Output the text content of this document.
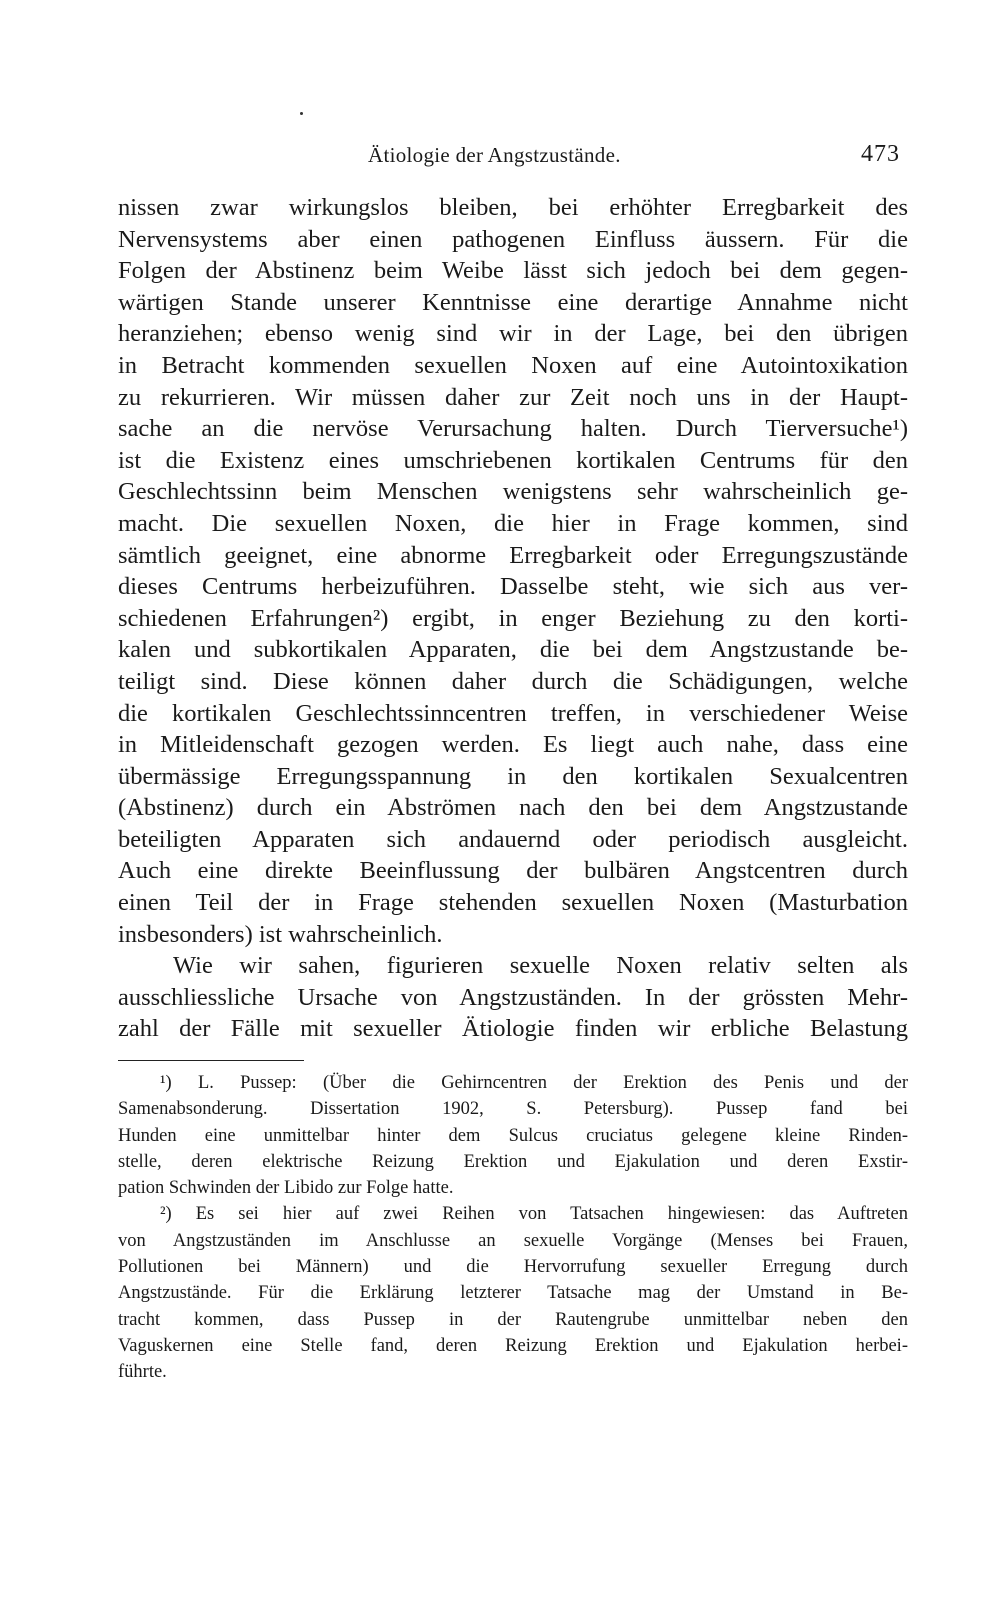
Ätiologie der Angstzustände.	473
nissen zwar wirkungslos bleiben, bei erhöhter Erregbarkeit des
Nervensystems aber einen pathogenen Einfluss äussern. Für die
Folgen der Abstinenz beim Weibe lässt sich jedoch bei dem gegen-
wärtigen Stande unserer Kenntnisse eine derartige Annahme nicht
heranziehen; ebenso wenig sind wir in der Lage, bei den übrigen
in Betracht kommenden sexuellen Noxen auf eine Autointoxikation
zu rekurrieren. Wir müssen daher zur Zeit noch uns in der Haupt-
sache an die nervöse Verursachung halten. Durch Tierversuche¹)
ist die Existenz eines umschriebenen kortikalen Centrums für den
Geschlechtssinn beim Menschen wenigstens sehr wahrscheinlich ge-
macht. Die sexuellen Noxen, die hier in Frage kommen, sind
sämtlich geeignet, eine abnorme Erregbarkeit oder Erregungszustände
dieses Centrums herbeizuführen. Dasselbe steht, wie sich aus ver-
schiedenen Erfahrungen²) ergibt, in enger Beziehung zu den korti-
kalen und subkortikalen Apparaten, die bei dem Angstzustande be-
teiligt sind. Diese können daher durch die Schädigungen, welche
die kortikalen Geschlechtssinncentren treffen, in verschiedener Weise
in Mitleidenschaft gezogen werden. Es liegt auch nahe, dass eine
übermässige Erregungsspannung in den kortikalen Sexualcentren
(Abstinenz) durch ein Abströmen nach den bei dem Angstzustande
beteiligten Apparaten sich andauernd oder periodisch ausgleicht.
Auch eine direkte Beeinflussung der bulbären Angstcentren durch
einen Teil der in Frage stehenden sexuellen Noxen (Masturbation
insbesonders) ist wahrscheinlich.
Wie wir sahen, figurieren sexuelle Noxen relativ selten als
ausschliessliche Ursache von Angstzuständen. In der grössten Mehr-
zahl der Fälle mit sexueller Ätiologie finden wir erbliche Belastung
¹) L. Pussep: (Über die Gehirncentren der Erektion des Penis und der
Samenabsonderung. Dissertation 1902, S. Petersburg). Pussep fand bei
Hunden eine unmittelbar hinter dem Sulcus cruciatus gelegene kleine Rinden-
stelle, deren elektrische Reizung Erektion und Ejakulation und deren Exstir-
pation Schwinden der Libido zur Folge hatte.
²) Es sei hier auf zwei Reihen von Tatsachen hingewiesen: das Auftreten
von Angstzuständen im Anschlusse an sexuelle Vorgänge (Menses bei Frauen,
Pollutionen bei Männern) und die Hervorrufung sexueller Erregung durch
Angstzustände. Für die Erklärung letzterer Tatsache mag der Umstand in Be-
tracht kommen, dass Pussep in der Rautengrube unmittelbar neben den
Vaguskernen eine Stelle fand, deren Reizung Erektion und Ejakulation herbei-
führte.
